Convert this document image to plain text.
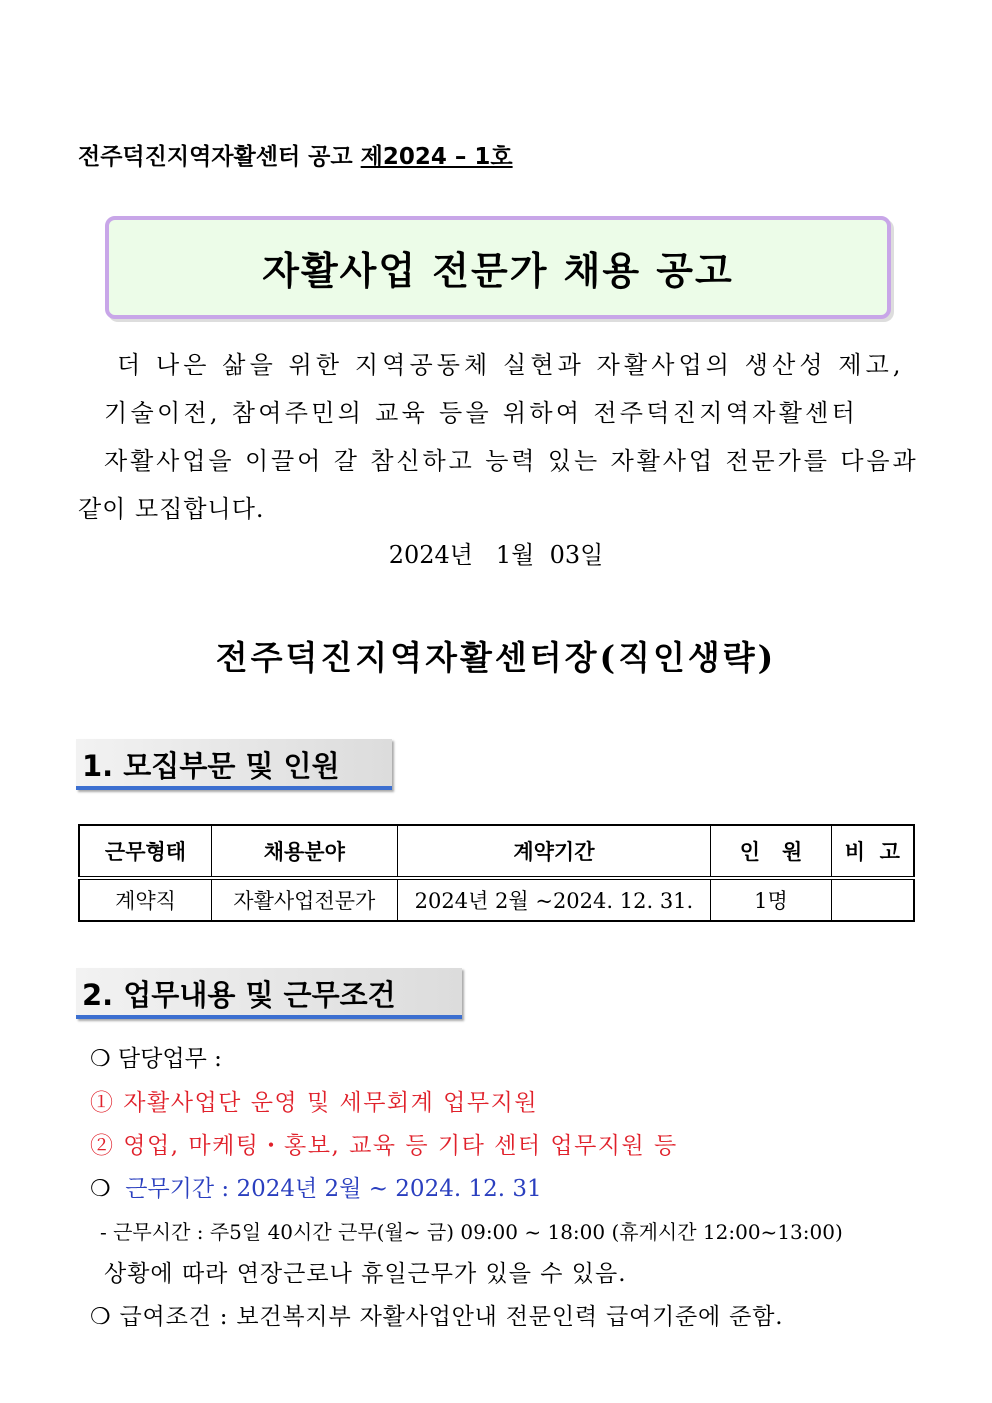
전주덕진지역자활센터 공고 제2024 – 1호
자활사업 전문가 채용 공고
더 나은 삶을 위한 지역공동체 실현과 자활사업의 생산성 제고,
기술이전, 참여주민의 교육 등을 위하여 전주덕진지역자활센터
자활사업을 이끌어 갈 참신하고 능력 있는 자활사업 전문가를 다음과
같이 모집합니다.
2024년   1월  03일
전주덕진지역자활센터장(직인생략)
1. 모집부문 및 인원
근무형태	채용분야	계약기간	인   원	비  고
계약직	자활사업전문가	2024년 2월 ~2024. 12. 31.	1명	
2. 업무내용 및 근무조건
❍ 담당업무 :
① 자활사업단 운영 및 세무회계 업무지원
② 영업, 마케팅・홍보, 교육 등 기타 센터 업무지원 등
❍ 근무기간 : 2024년 2월 ~ 2024. 12. 31
- 근무시간 : 주5일 40시간 근무(월~ 금) 09:00 ~ 18:00 (휴게시간 12:00~13:00)
상황에 따라 연장근로나 휴일근무가 있을 수 있음.
❍ 급여조건 : 보건복지부 자활사업안내 전문인력 급여기준에 준함.
